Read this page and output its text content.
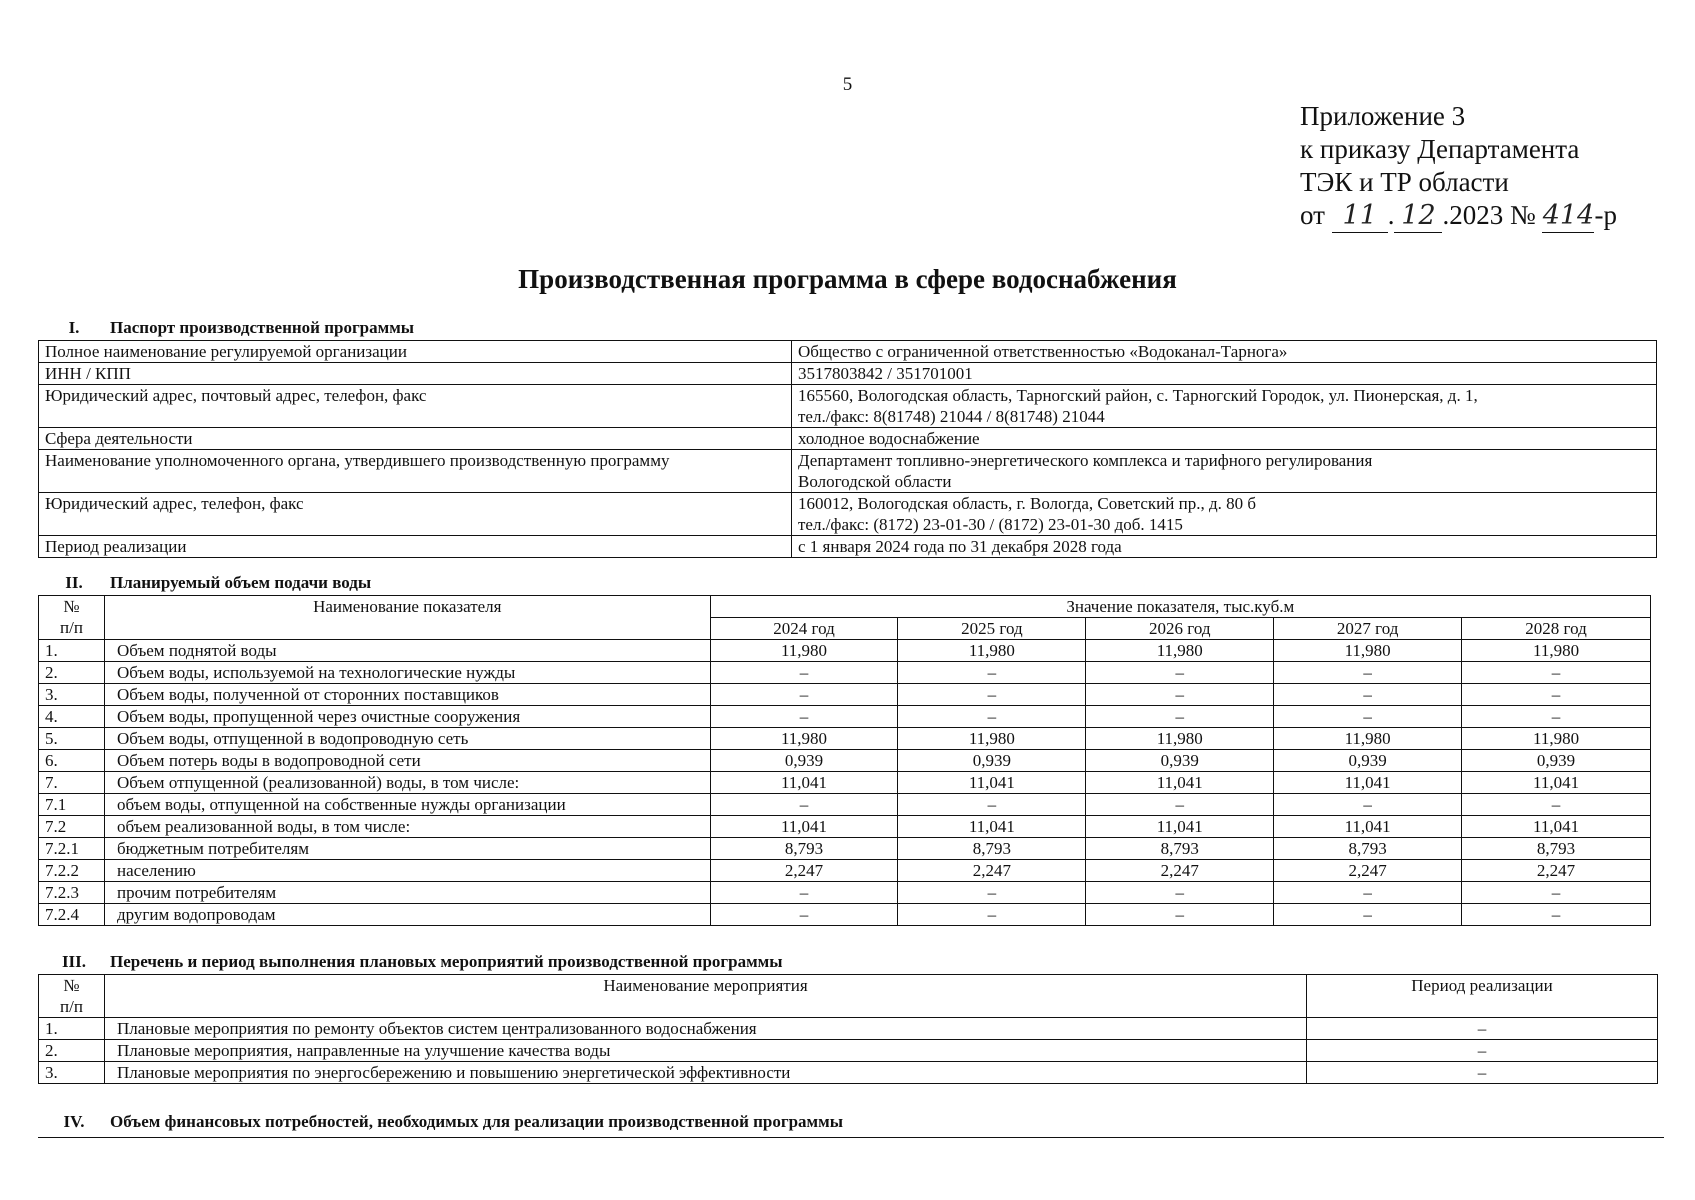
5
Приложение 3
к приказу Департамента
ТЭК и ТР области
от 11 . 12 .2023 № 414-р
Производственная программа в сфере водоснабжения
I. Паспорт производственной программы
Полное наименование регулируемой организации	Общество с ограниченной ответственностью «Водоканал-Тарнога»
ИНН / КПП	3517803842 / 351701001
Юридический адрес, почтовый адрес, телефон, факс	165560, Вологодская область, Тарногский район, с. Тарногский Городок, ул. Пионерская, д. 1,
тел./факс: 8(81748) 21044 / 8(81748) 21044

Сфера деятельности	холодное водоснабжение
Наименование уполномоченного органа, утвердившего производственную программу	Департамент топливно-энергетического комплекса и тарифного регулирования
Вологодской области

Юридический адрес, телефон, факс	160012, Вологодская область, г. Вологда, Советский пр., д. 80 б
тел./факс: (8172) 23-01-30 / (8172) 23-01-30 доб. 1415

Период реализации	с 1 января 2024 года по 31 декабря 2028 года
II. Планируемый объем подачи воды
№
п/п	Наименование показателя	Значение показателя, тыс.куб.м				
		2024 год	2025 год	2026 год	2027 год	2028 год
1.	Объем поднятой воды	11,980	11,980	11,980	11,980	11,980
2.	Объем воды, используемой на технологические нужды	–	–	–	–	–
3.	Объем воды, полученной от сторонних поставщиков	–	–	–	–	–
4.	Объем воды, пропущенной через очистные сооружения	–	–	–	–	–
5.	Объем воды, отпущенной в водопроводную сеть	11,980	11,980	11,980	11,980	11,980
6.	Объем потерь воды в водопроводной сети	0,939	0,939	0,939	0,939	0,939
7.	Объем отпущенной (реализованной) воды, в том числе:	11,041	11,041	11,041	11,041	11,041
7.1	объем воды, отпущенной на собственные нужды организации	–	–	–	–	–
7.2	объем реализованной воды, в том числе:	11,041	11,041	11,041	11,041	11,041
7.2.1	бюджетным потребителям	8,793	8,793	8,793	8,793	8,793
7.2.2	населению	2,247	2,247	2,247	2,247	2,247
7.2.3	прочим потребителям	–	–	–	–	–
7.2.4	другим водопроводам	–	–	–	–	–
III. Перечень и период выполнения плановых мероприятий производственной программы
№
п/п	Наименование мероприятия	Период реализации
1.	Плановые мероприятия по ремонту объектов систем централизованного водоснабжения	–
2.	Плановые мероприятия, направленные на улучшение качества воды	–
3.	Плановые мероприятия по энергосбережению и повышению энергетической эффективности	–
IV. Объем финансовых потребностей, необходимых для реализации производственной программы
